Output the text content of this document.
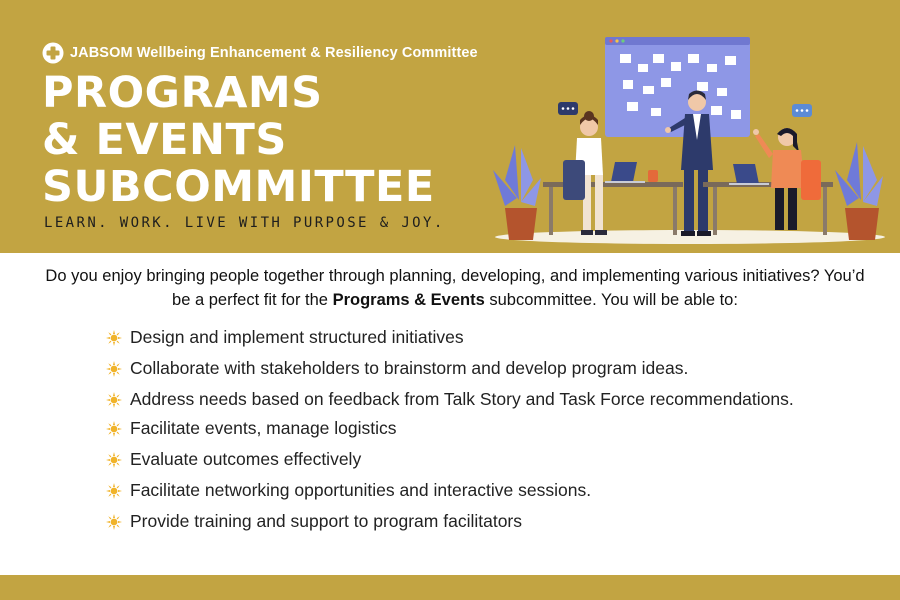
JABSOM Wellbeing Enhancement & Resiliency Committee
PROGRAMS
& EVENTS
SUBCOMMITTEE
LEARN. WORK. LIVE WITH PURPOSE & JOY.

Do you enjoy bringing people together through planning, developing, and implementing various initiatives? You’d be a perfect fit for the Programs & Events subcommittee. You will be able to:

Design and implement structured initiatives
Collaborate with stakeholders to brainstorm and develop program ideas.
Address needs based on feedback from Talk Story and Task Force recommendations.
Facilitate events, manage logistics
Evaluate outcomes effectively
Facilitate networking opportunities and interactive sessions.
Provide training and support to program facilitators
